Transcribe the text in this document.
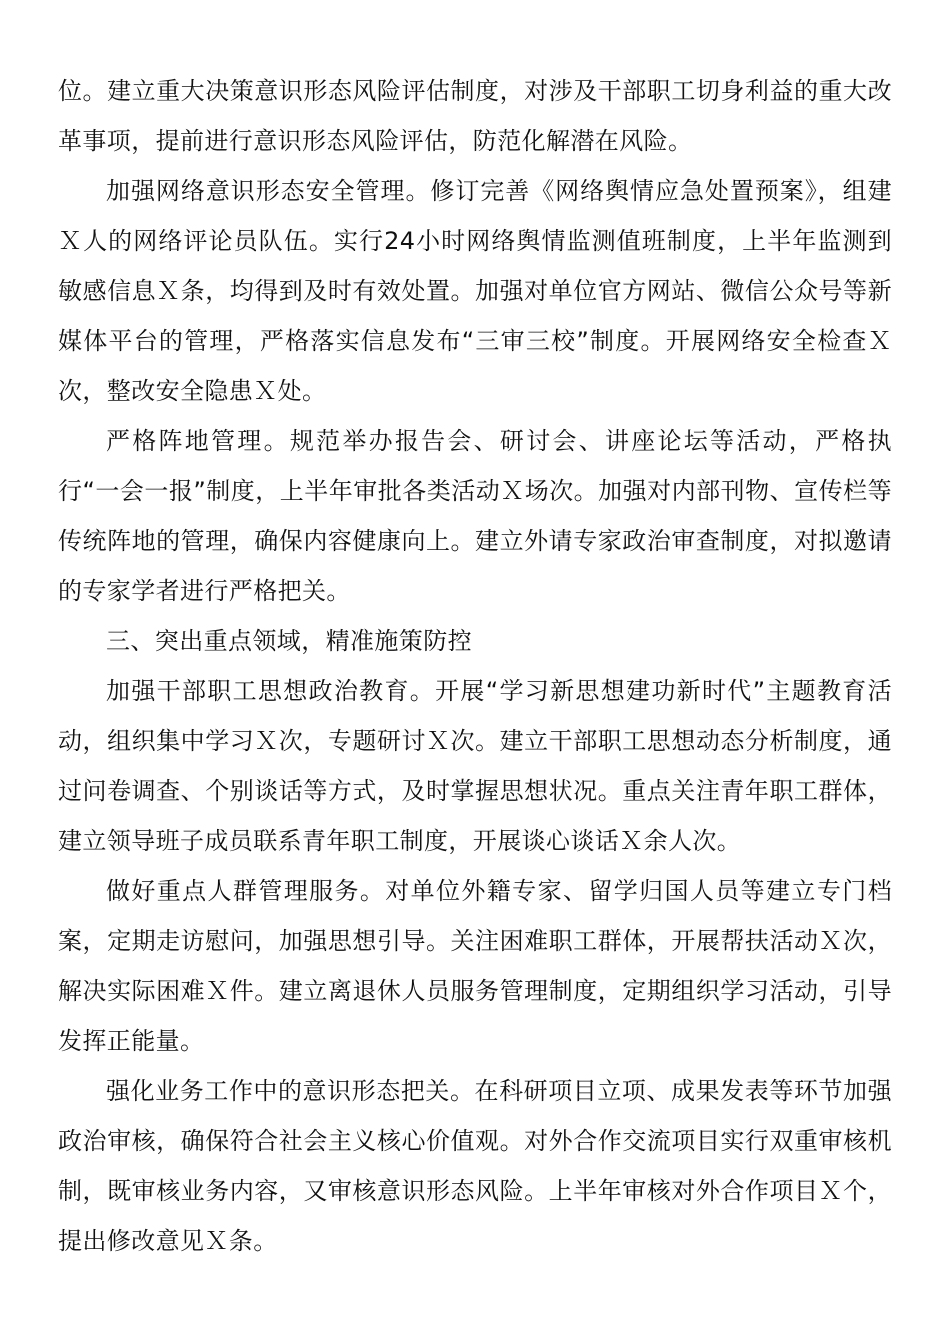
位。建立重大决策意识形态风险评估制度，对涉及干部职工切身利益的重大改革事项，提前进行意识形态风险评估，防范化解潜在风险。

加强网络意识形态安全管理。修订完善《网络舆情应急处置预案》，组建Ｘ人的网络评论员队伍。实行24小时网络舆情监测值班制度，上半年监测到敏感信息Ｘ条，均得到及时有效处置。加强对单位官方网站、微信公众号等新媒体平台的管理，严格落实信息发布“三审三校”制度。开展网络安全检查Ｘ次，整改安全隐患Ｘ处。

严格阵地管理。规范举办报告会、研讨会、讲座论坛等活动，严格执行“一会一报”制度，上半年审批各类活动Ｘ场次。加强对内部刊物、宣传栏等传统阵地的管理，确保内容健康向上。建立外请专家政治审查制度，对拟邀请的专家学者进行严格把关。

三、突出重点领域，精准施策防控

加强干部职工思想政治教育。开展“学习新思想建功新时代”主题教育活动，组织集中学习Ｘ次，专题研讨Ｘ次。建立干部职工思想动态分析制度，通过问卷调查、个别谈话等方式，及时掌握思想状况。重点关注青年职工群体，建立领导班子成员联系青年职工制度，开展谈心谈话Ｘ余人次。

做好重点人群管理服务。对单位外籍专家、留学归国人员等建立专门档案，定期走访慰问，加强思想引导。关注困难职工群体，开展帮扶活动Ｘ次，解决实际困难Ｘ件。建立离退休人员服务管理制度，定期组织学习活动，引导发挥正能量。

强化业务工作中的意识形态把关。在科研项目立项、成果发表等环节加强政治审核，确保符合社会主义核心价值观。对外合作交流项目实行双重审核机制，既审核业务内容，又审核意识形态风险。上半年审核对外合作项目Ｘ个，提出修改意见Ｘ条。
